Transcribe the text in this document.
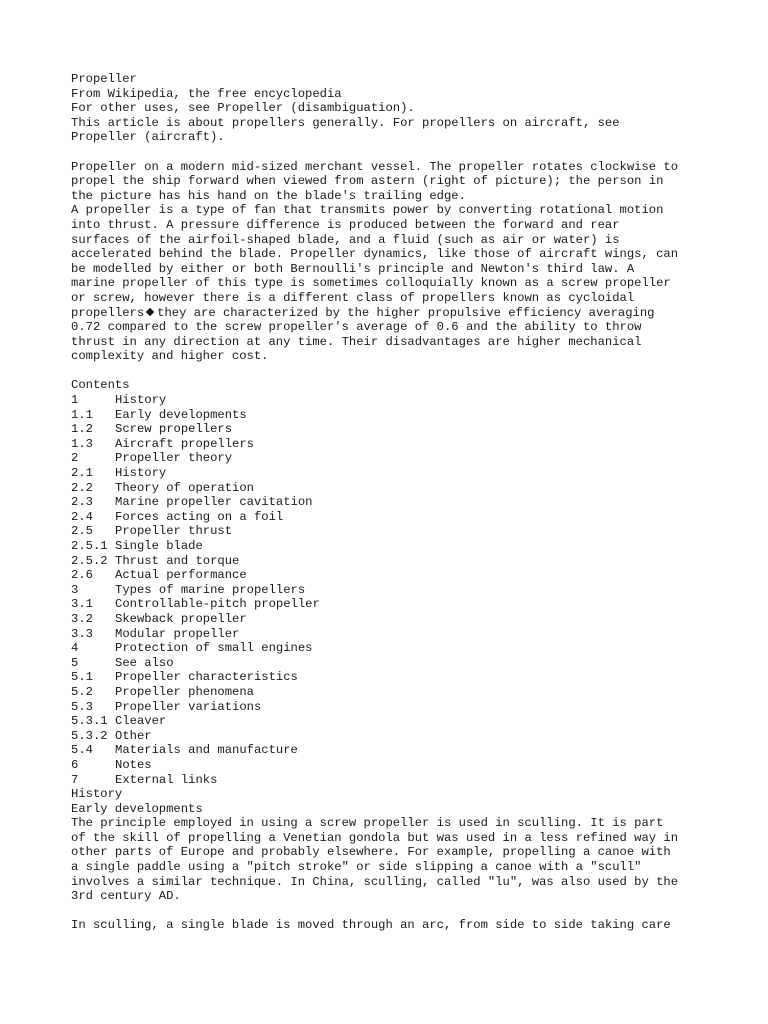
Propeller
From Wikipedia, the free encyclopedia
For other uses, see Propeller (disambiguation).
This article is about propellers generally. For propellers on aircraft, see
Propeller (aircraft).
Propeller on a modern mid-sized merchant vessel. The propeller rotates clockwise to
propel the ship forward when viewed from astern (right of picture); the person in
the picture has his hand on the blade's trailing edge.
A propeller is a type of fan that transmits power by converting rotational motion
into thrust. A pressure difference is produced between the forward and rear
surfaces of the airfoil-shaped blade, and a fluid (such as air or water) is
accelerated behind the blade. Propeller dynamics, like those of aircraft wings, can
be modelled by either or both Bernoulli's principle and Newton's third law. A
marine propeller of this type is sometimes colloquially known as a screw propeller
or screw, however there is a different class of propellers known as cycloidal
propellers they are characterized by the higher propulsive efficiency averaging
0.72 compared to the screw propeller's average of 0.6 and the ability to throw
thrust in any direction at any time. Their disadvantages are higher mechanical
complexity and higher cost.
Contents
1	History
1.1	Early developments
1.2	Screw propellers
1.3	Aircraft propellers
2	Propeller theory
2.1	History
2.2	Theory of operation
2.3	Marine propeller cavitation
2.4	Forces acting on a foil
2.5	Propeller thrust
2.5.1 Single blade
2.5.2 Thrust and torque
2.6	Actual performance
3	Types of marine propellers
3.1	Controllable-pitch propeller
3.2	Skewback propeller
3.3	Modular propeller
4	Protection of small engines
5	See also
5.1	Propeller characteristics
5.2	Propeller phenomena
5.3	Propeller variations
5.3.1 Cleaver
5.3.2 Other
5.4	Materials and manufacture
6	Notes
7	External links
History
Early developments
The principle employed in using a screw propeller is used in sculling. It is part
of the skill of propelling a Venetian gondola but was used in a less refined way in
other parts of Europe and probably elsewhere. For example, propelling a canoe with
a single paddle using a "pitch stroke" or side slipping a canoe with a "scull"
involves a similar technique. In China, sculling, called "lu", was also used by the
3rd century AD.
In sculling, a single blade is moved through an arc, from side to side taking care
